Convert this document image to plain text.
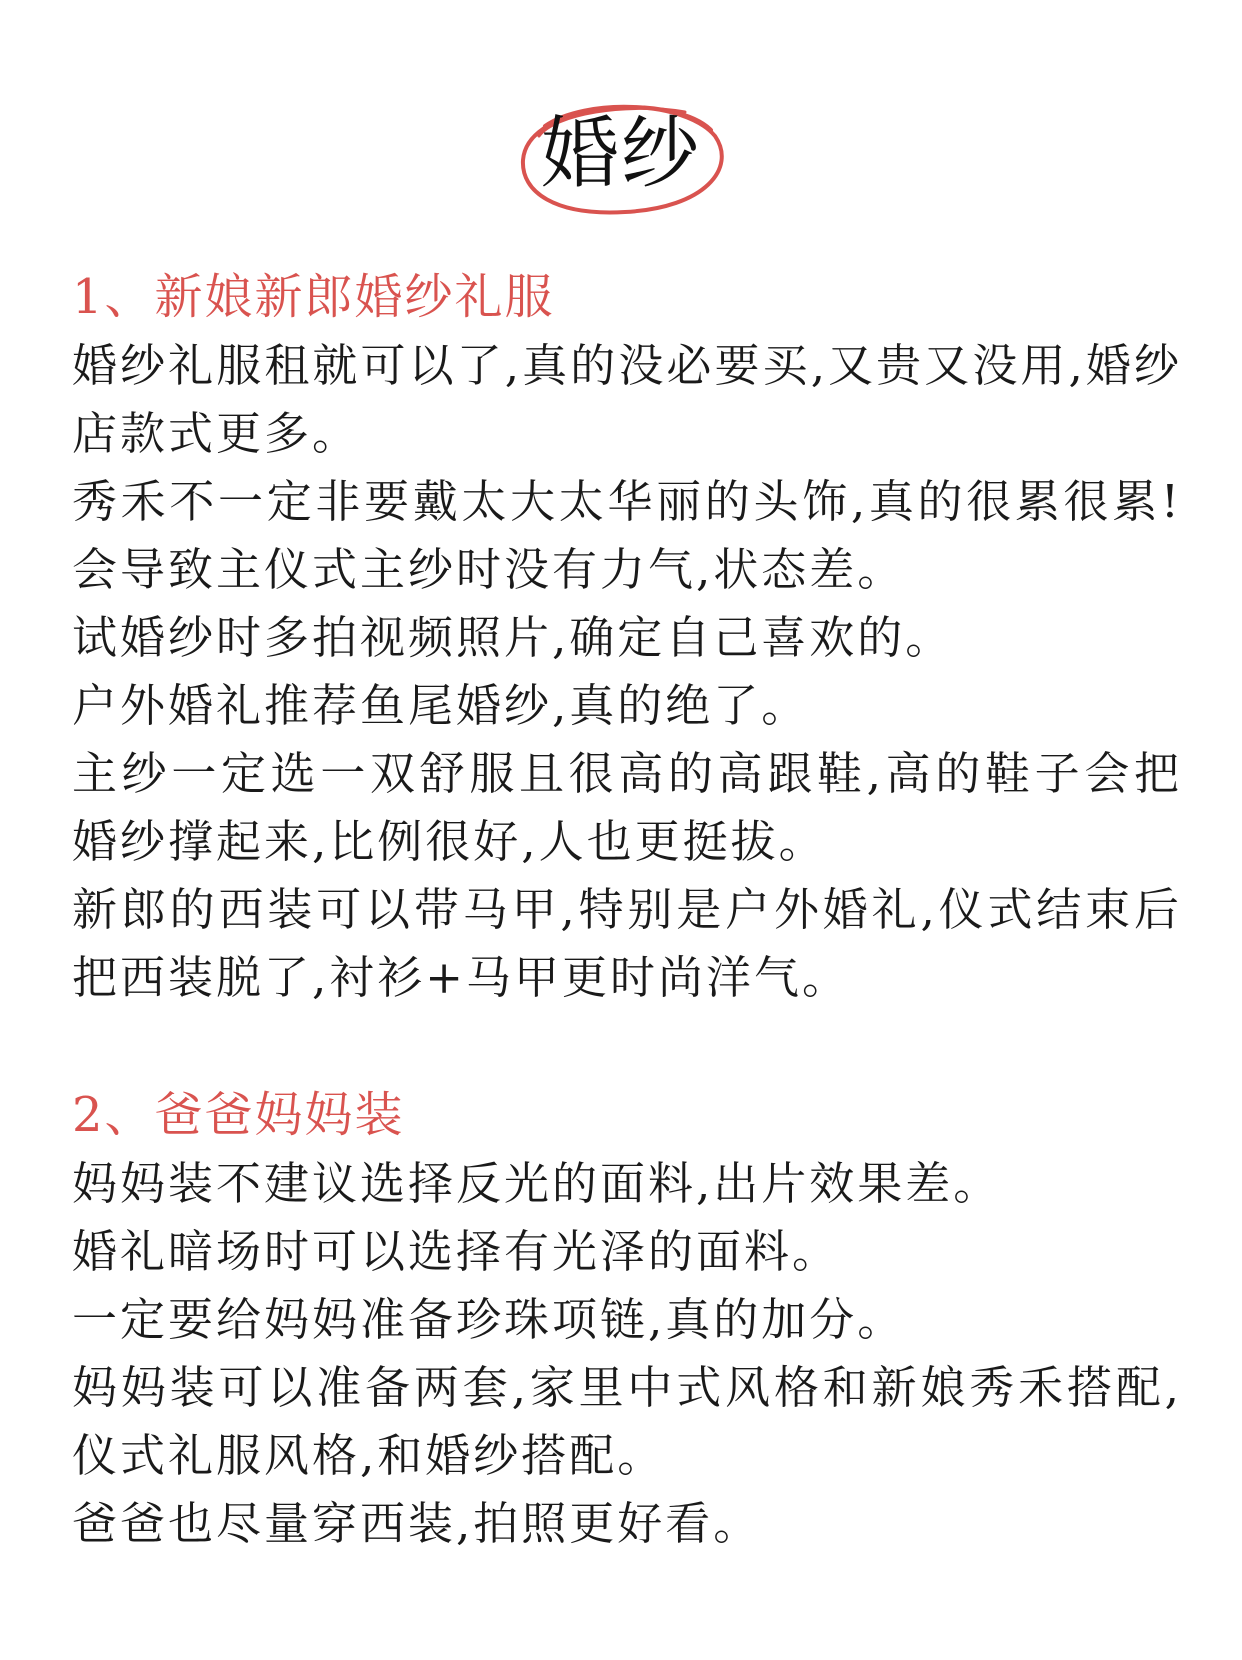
婚纱

1、新娘新郎婚纱礼服

婚纱礼服租就可以了,真的没必要买,又贵又没用,婚纱店款式更多。

秀禾不一定非要戴太大太华丽的头饰,真的很累很累!会导致主仪式主纱时没有力气,状态差。

试婚纱时多拍视频照片,确定自己喜欢的。

户外婚礼推荐鱼尾婚纱,真的绝了。

主纱一定选一双舒服且很高的高跟鞋,高的鞋子会把婚纱撑起来,比例很好,人也更挺拔。

新郎的西装可以带马甲,特别是户外婚礼,仪式结束后把西装脱了,衬衫+马甲更时尚洋气。

2、爸爸妈妈装

妈妈装不建议选择反光的面料,出片效果差。

婚礼暗场时可以选择有光泽的面料。

一定要给妈妈准备珍珠项链,真的加分。

妈妈装可以准备两套,家里中式风格和新娘秀禾搭配,仪式礼服风格,和婚纱搭配。

爸爸也尽量穿西装,拍照更好看。
